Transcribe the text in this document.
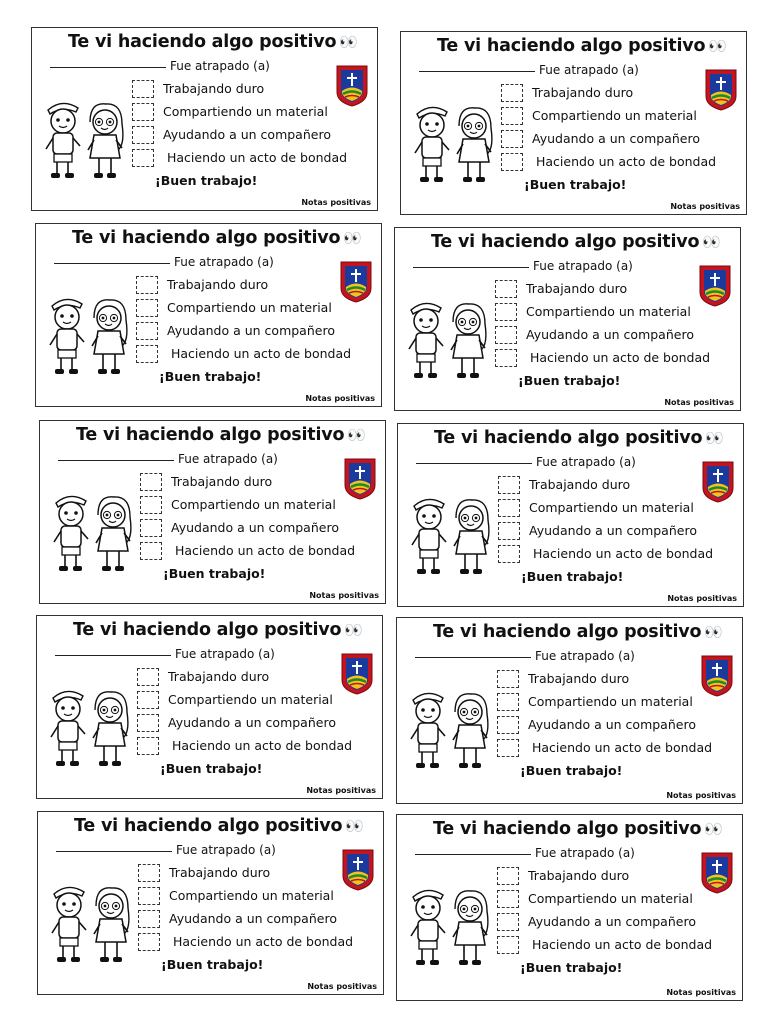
Te vi haciendo algo positivo 👀
Fue atrapado (a)
Trabajando duro
Compartiendo un material
Ayudando a un compañero
Haciendo un acto de bondad
¡Buen trabajo!
Notas positivas
Te vi haciendo algo positivo 👀
Fue atrapado (a)
Trabajando duro
Compartiendo un material
Ayudando a un compañero
Haciendo un acto de bondad
¡Buen trabajo!
Notas positivas
Te vi haciendo algo positivo 👀
Fue atrapado (a)
Trabajando duro
Compartiendo un material
Ayudando a un compañero
Haciendo un acto de bondad
¡Buen trabajo!
Notas positivas
Te vi haciendo algo positivo 👀
Fue atrapado (a)
Trabajando duro
Compartiendo un material
Ayudando a un compañero
Haciendo un acto de bondad
¡Buen trabajo!
Notas positivas
Te vi haciendo algo positivo 👀
Fue atrapado (a)
Trabajando duro
Compartiendo un material
Ayudando a un compañero
Haciendo un acto de bondad
¡Buen trabajo!
Notas positivas
Te vi haciendo algo positivo 👀
Fue atrapado (a)
Trabajando duro
Compartiendo un material
Ayudando a un compañero
Haciendo un acto de bondad
¡Buen trabajo!
Notas positivas
Te vi haciendo algo positivo 👀
Fue atrapado (a)
Trabajando duro
Compartiendo un material
Ayudando a un compañero
Haciendo un acto de bondad
¡Buen trabajo!
Notas positivas
Te vi haciendo algo positivo 👀
Fue atrapado (a)
Trabajando duro
Compartiendo un material
Ayudando a un compañero
Haciendo un acto de bondad
¡Buen trabajo!
Notas positivas
Te vi haciendo algo positivo 👀
Fue atrapado (a)
Trabajando duro
Compartiendo un material
Ayudando a un compañero
Haciendo un acto de bondad
¡Buen trabajo!
Notas positivas
Te vi haciendo algo positivo 👀
Fue atrapado (a)
Trabajando duro
Compartiendo un material
Ayudando a un compañero
Haciendo un acto de bondad
¡Buen trabajo!
Notas positivas
